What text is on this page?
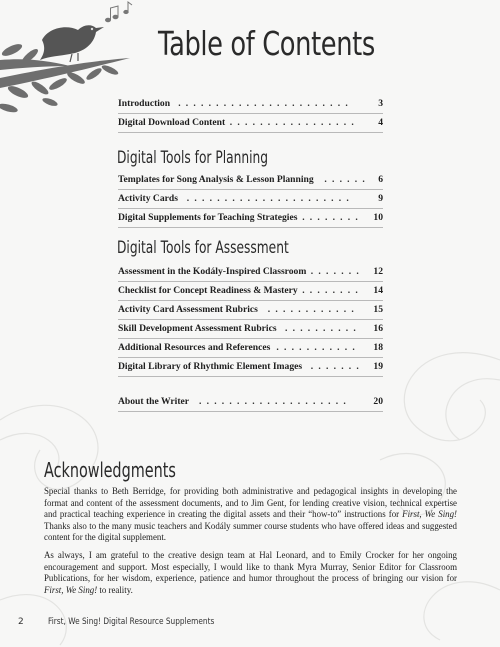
Table of Contents
Introduction .......................	3
Digital Download Content ................. 4
Digital Tools for Planning
Templates for Song Analysis & Lesson Planning ...... 6
Activity Cards ......................	9
Digital Supplements for Teaching Strategies ........ 10
Digital Tools for Assessment
Assessment in the Kodály-Inspired Classroom ....... 12
Checklist for Concept Readiness & Mastery ........ 14
Activity Card Assessment Rubrics ............ 15
Skill Development Assessment Rubrics .......... 16
Additional Resources and References ........... 18
Digital Library of Rhythmic Element Images ....... 19
About the Writer .................... 20
Acknowledgments

Special thanks to Beth Berridge, for providing both administrative and pedagogical insights in developing the format and content of the assessment documents, and to Jim Gent, for lending creative vision, technical expertise and practical teaching experience in creating the digital assets and their “how-to” instructions for First, We Sing! Thanks also to the many music teachers and Kodály summer course students who have offered ideas and suggested content for the digital supplement.

As always, I am grateful to the creative design team at Hal Leonard, and to Emily Crocker for her ongoing encouragement and support. Most especially, I would like to thank Myra Murray, Senior Editor for Classroom Publications, for her wisdom, experience, patience and humor throughout the process of bringing our vision for First, We Sing! to reality.

2	First, We Sing! Digital Resource Supplements
